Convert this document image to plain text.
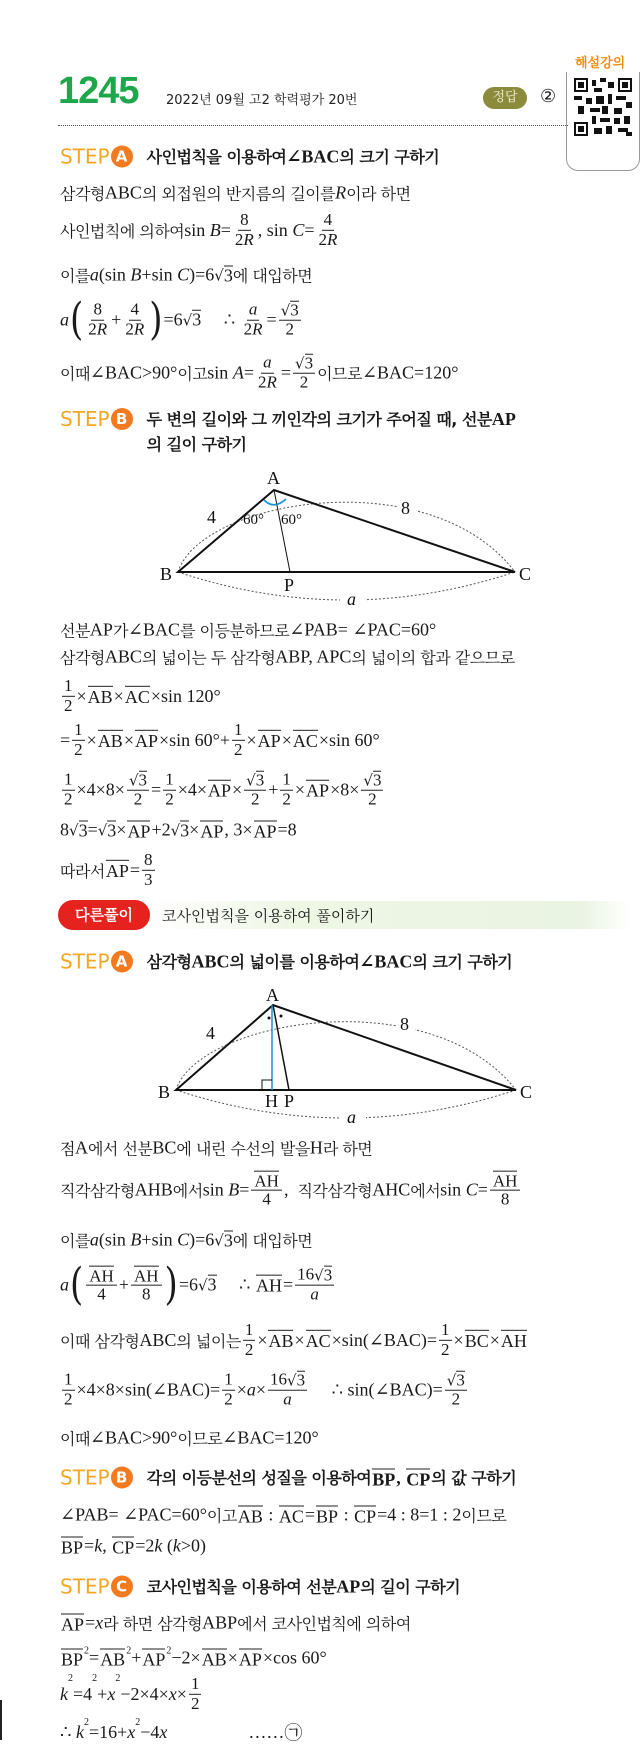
1245 2022년 09월 고2 학력평가 20번	정답	②
해설강의
STEP A	사인법칙을 이용하여 ∠BAC 의 크기 구하기
삼각형 ABC 의 외접원의 반지름의 길이를 R 이라 하면
사인법칙에 의하여 $\sin B = \frac{8}{2 R}$ , $\sin C = \frac{4}{2 R}$
이를 a (sin B +sin C )=6 √ 3 에 대입하면
a ( $\frac{8}{2 R} + \frac{4}{2 R}$ ) =6 √ 3 ∴ $\frac{a}{2 R} = \frac{√ 3}{2}$
이때 ∠BAC>90° 이고 $\sin A = \frac{a}{2 R} = \frac{√ 3}{2}$ 이므로 ∠BAC=120°
STEP B	두 변의 길이와 그 끼인각의 크기가 주어질 때, 선분 AP
의 길이 구하기
A
B	C
P
4	8
a
60° 60°
선분 AP 가 ∠BAC 를 이등분하므로 ∠PAB= ∠PAC=60°
삼각형 ABC 의 넓이는 두 삼각형 ABP, APC 의 넓이의 합과 같으므로
$\frac{1}{2}$ × AB × AC ×sin 120°
= $\frac{1}{2}$ × AB × AP ×sin $60^\circ+ \frac{1}{2}$ × AP × AC ×sin 60°
$\frac{1}{2} \times 4\times 8\times \frac{√ 3}{2} = \frac{1}{2} \times 4\times$ AP × $\frac{√ 3}{2} + \frac{1}{2}$ × AP $\times 8\times \frac{√ 3}{2}$
8 √ 3 = √ 3 × AP +2 √ 3 × AP , 3× AP =8
따라서 AP = $\frac{8}{3}$
다른풀이	코사인법칙을 이용하여 풀이하기
STEP A	삼각형 ABC 의 넓이를 이용하여 ∠BAC 의 크기 구하기
A
B	C
H P
4	8
a
점 A 에서 선분 BC 에 내린 수선의 발을 H 라 하면
직각삼각형 AHB 에서 $\sin B = \frac{AH}{4}$ , 직각삼각형 AHC 에서 $\sin C = \frac{AH}{8}$
이를 a (sin B +sin C )=6 √ 3 에 대입하면
a ( $\frac{AH}{4} + \frac{AH}{8}$ ) =6 √ 3 ∴ AH = $\frac{16 √ 3}{a}$
이때 삼각형 ABC 의 넓이는 $\frac{1}{2}$ × AB × AC ×sin(∠BAC)= $\frac{1}{2}$ × BC × AH
$\frac{1}{2}$ ×4×8×sin(∠BAC)= $\frac{1}{2} \times a \times \frac{16 √ 3}{a}$ ∴ sin(∠BAC)= $\frac{√ 3}{2}$
이때 ∠BAC>90° 이므로 ∠BAC=120°
STEP B	각의 이등분선의 성질을 이용하여 BP , CP 의 값 구하기
∠PAB= ∠PAC=60° 이고 AB : AC = BP : CP =4 : 8=1 : 2 이므로
BP = k , CP =2 k ( k >0)
STEP C	코사인법칙을 이용하여 선분 AP 의 길이 구하기
AP = x 라 하면 삼각형 ABP 에서 코사인법칙에 의하여
BP 2 = AB 2 + AP 2 −2× AB × AP ×cos 60°
k
2
=4
2
+ x
2
$-2\times 4\times x \times \frac{1}{2}$
∴ k 2 =16+ x 2 −4 x …… ㉠
